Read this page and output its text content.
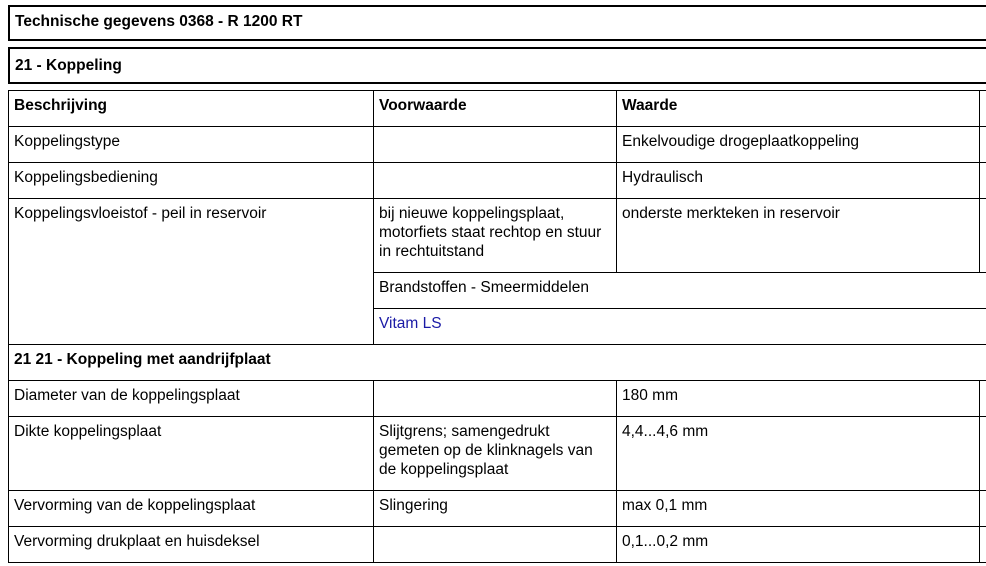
Technische gegevens 0368 - R 1200 RT
21 - Koppeling
Beschrijving	Voorwaarde	Waarde	
Koppelingstype		Enkelvoudige drogeplaatkoppeling	
Koppelingsbediening		Hydraulisch	
Koppelingsvloeistof - peil in reservoir	bij nieuwe koppelingsplaat, motorfiets staat rechtop en stuur in rechtuitstand	onderste merkteken in reservoir	
	Brandstoffen - Smeermiddelen		
	Vitam LS		
21 21 - Koppeling met aandrijfplaat			
Diameter van de koppelingsplaat		180 mm	
Dikte koppelingsplaat	Slijtgrens; samengedrukt gemeten op de klinknagels van de koppelingsplaat	4,4...4,6 mm	
Vervorming van de koppelingsplaat	Slingering	max 0,1 mm	
Vervorming drukplaat en huisdeksel		0,1...0,2 mm	
